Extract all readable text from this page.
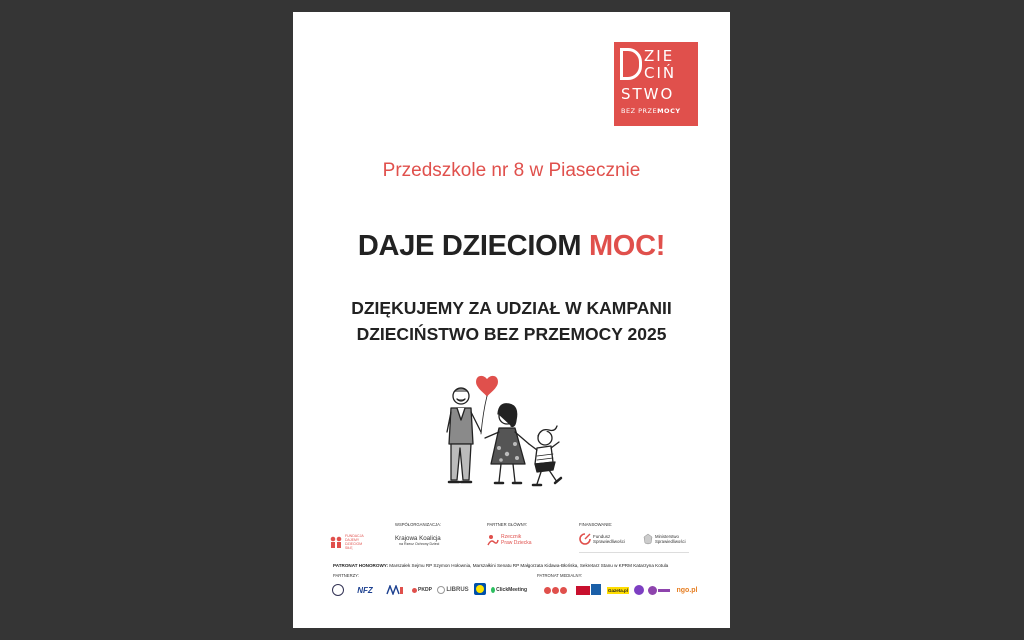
ZIE
CIŃ
STWO
BEZ PRZEMOCY
Przedszkole nr 8 w Piasecznie
DAJE DZIECIOM MOC!
DZIĘKUJEMY ZA UDZIAŁ W KAMPANII
DZIECIŃSTWO BEZ PRZEMOCY 2025
WSPÓŁORGANIZACJA:	PARTNER GŁÓWNY:	FINANSOWANIE:
FUNDACJA DAJEMY DZIECIOM SIŁĘ
Krajowa Koalicja
na Rzecz Ochrony Dzieci
Rzecznik
Praw Dziecka
Fundusz
Sprawiedliwości
Ministerstwo
Sprawiedliwości
PATRONAT HONOROWY: Marszałek Sejmu RP Szymon Hołownia, Marszałkini Senatu RP Małgorzata Kidawa-Błońska, Sekretarz Stanu w KPRM Katarzyna Kotula
PARTNERZY:	PATRONAT MEDIALNY:
NFZ	PKDP LIBRUS	ClickMeeting	Gazeta.pl	ngo.pl
